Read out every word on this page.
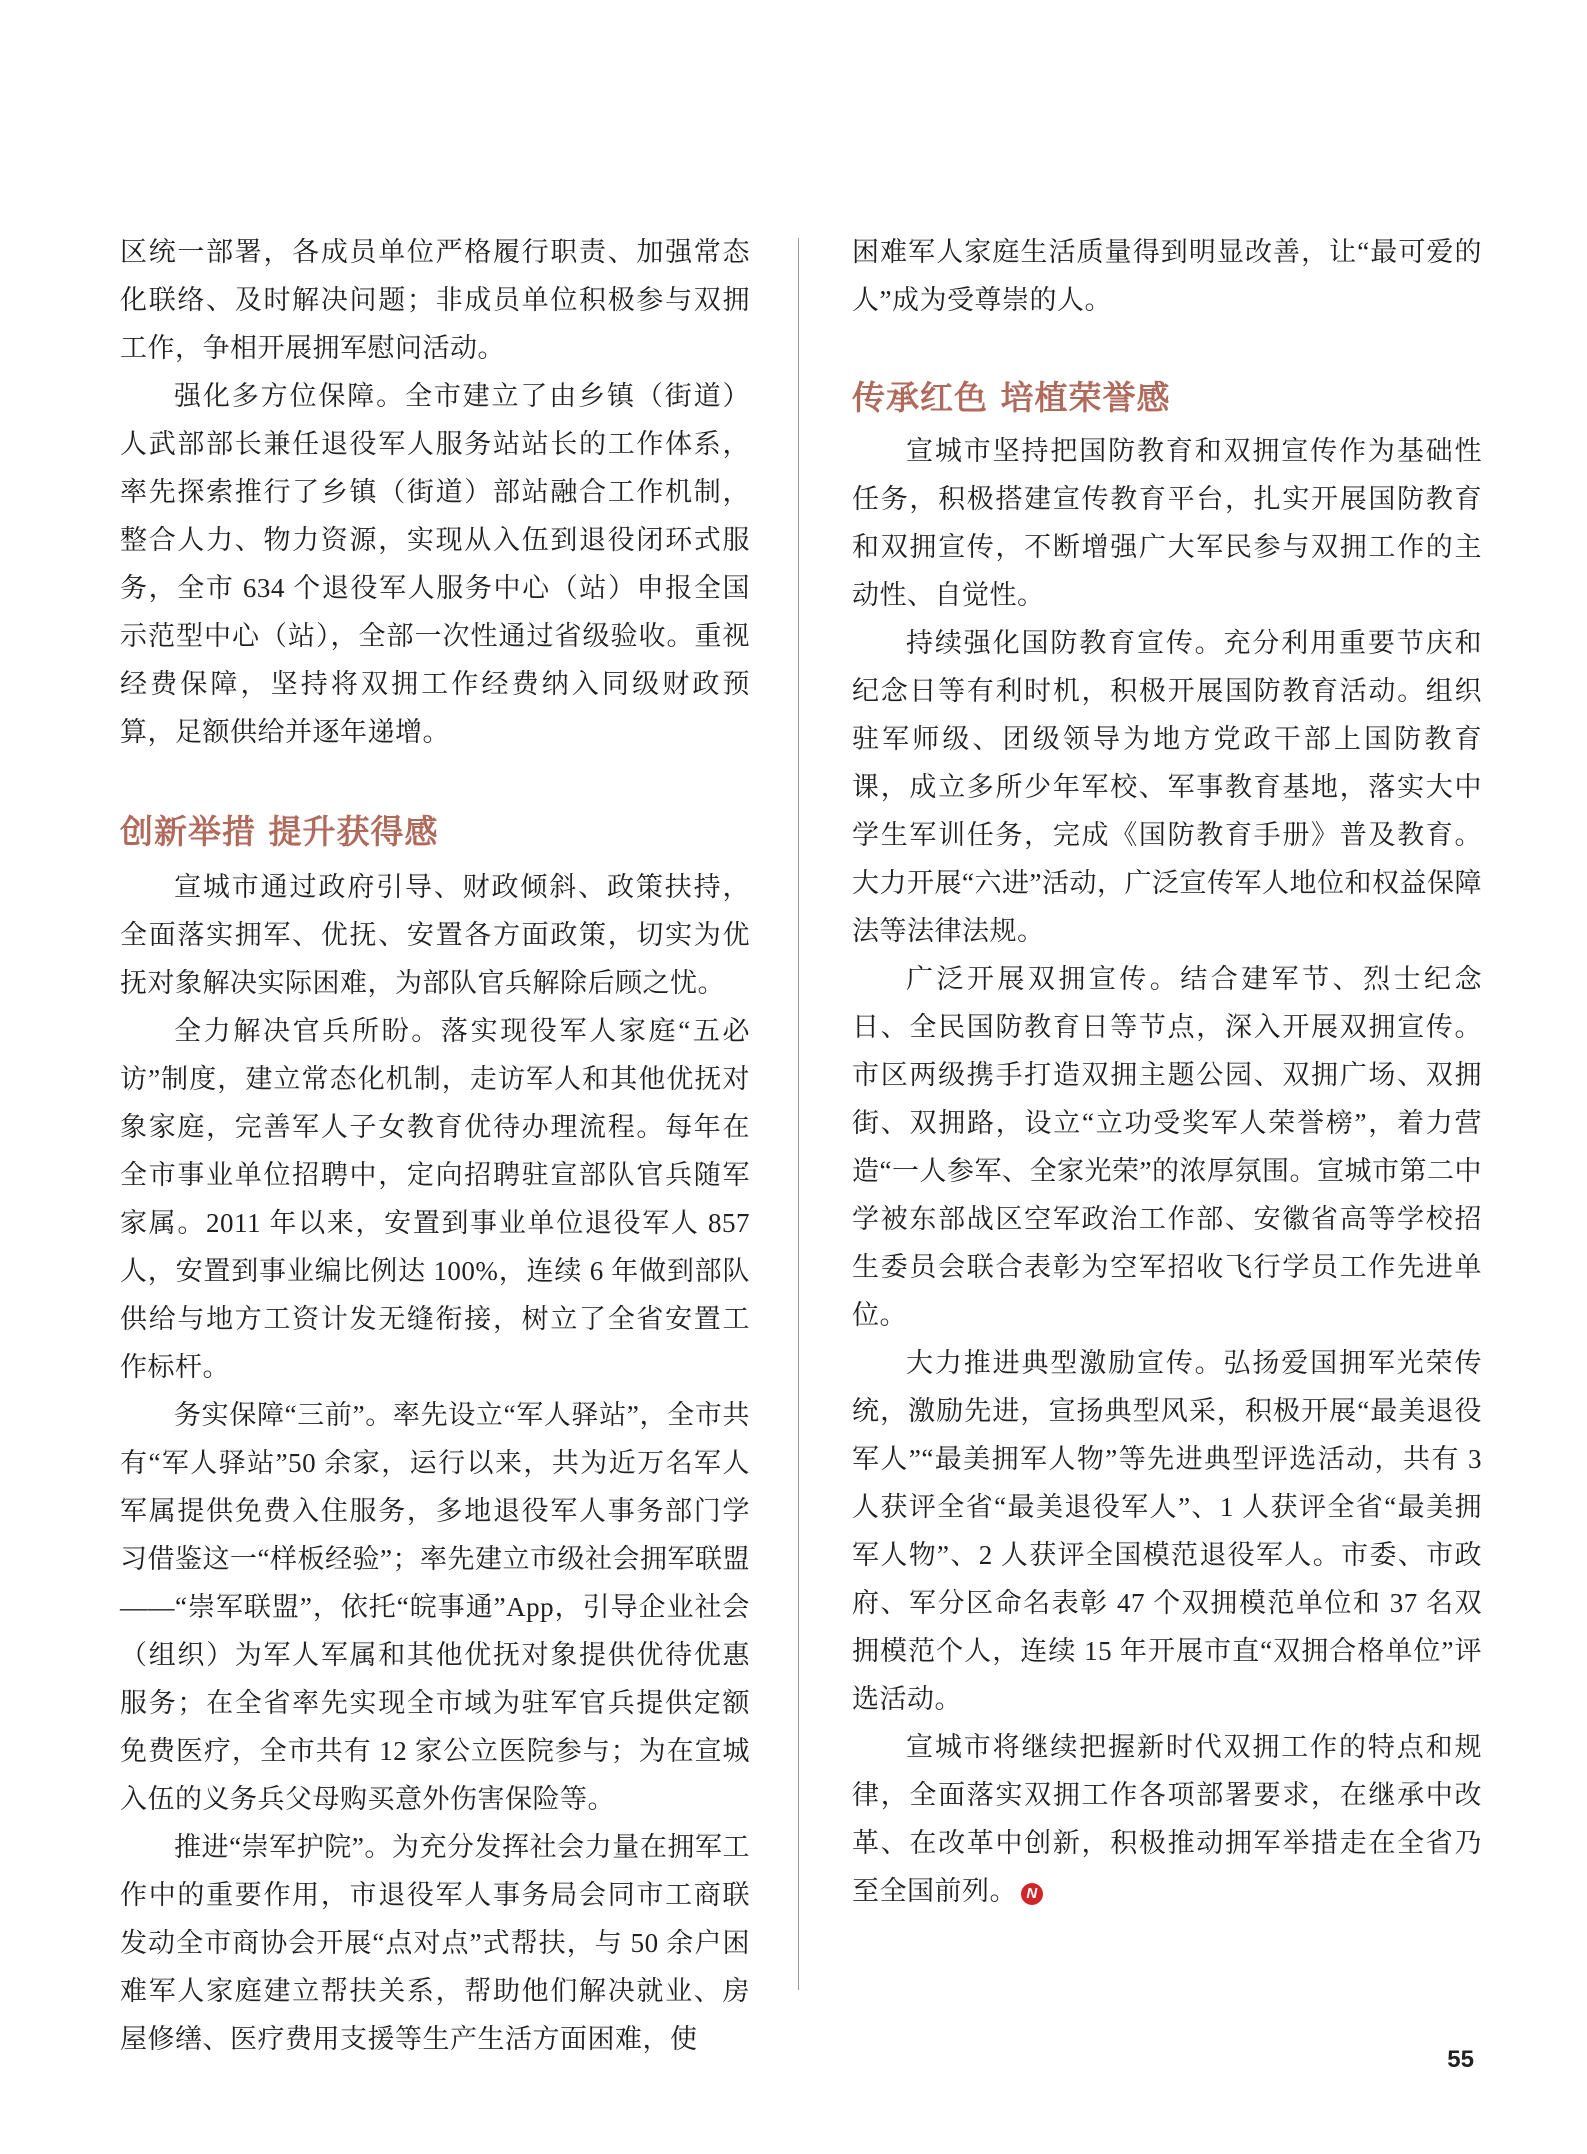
区统一部署，各成员单位严格履行职责、加强常态化联络、及时解决问题；非成员单位积极参与双拥工作，争相开展拥军慰问活动。

强化多方位保障。全市建立了由乡镇（街道）人武部部长兼任退役军人服务站站长的工作体系，率先探索推行了乡镇（街道）部站融合工作机制，整合人力、物力资源，实现从入伍到退役闭环式服务，全市 634 个退役军人服务中心（站）申报全国示范型中心（站），全部一次性通过省级验收。重视经费保障，坚持将双拥工作经费纳入同级财政预算，足额供给并逐年递增。

创新举措 提升获得感

宣城市通过政府引导、财政倾斜、政策扶持，全面落实拥军、优抚、安置各方面政策，切实为优抚对象解决实际困难，为部队官兵解除后顾之忧。

全力解决官兵所盼。落实现役军人家庭“五必访”制度，建立常态化机制，走访军人和其他优抚对象家庭，完善军人子女教育优待办理流程。每年在全市事业单位招聘中，定向招聘驻宣部队官兵随军家属。2011 年以来，安置到事业单位退役军人 857 人，安置到事业编比例达 100%，连续 6 年做到部队供给与地方工资计发无缝衔接，树立了全省安置工作标杆。

务实保障“三前”。率先设立“军人驿站”，全市共有“军人驿站”50 余家，运行以来，共为近万名军人军属提供免费入住服务，多地退役军人事务部门学习借鉴这一“样板经验”；率先建立市级社会拥军联盟——“崇军联盟”，依托“皖事通”App，引导企业社会（组织）为军人军属和其他优抚对象提供优待优惠服务；在全省率先实现全市域为驻军官兵提供定额免费医疗，全市共有 12 家公立医院参与；为在宣城入伍的义务兵父母购买意外伤害保险等。

推进“崇军护院”。为充分发挥社会力量在拥军工作中的重要作用，市退役军人事务局会同市工商联发动全市商协会开展“点对点”式帮扶，与 50 余户困难军人家庭建立帮扶关系，帮助他们解决就业、房屋修缮、医疗费用支援等生产生活方面困难，使

困难军人家庭生活质量得到明显改善，让“最可爱的人”成为受尊崇的人。

传承红色 培植荣誉感

宣城市坚持把国防教育和双拥宣传作为基础性任务，积极搭建宣传教育平台，扎实开展国防教育和双拥宣传，不断增强广大军民参与双拥工作的主动性、自觉性。

持续强化国防教育宣传。充分利用重要节庆和纪念日等有利时机，积极开展国防教育活动。组织驻军师级、团级领导为地方党政干部上国防教育课，成立多所少年军校、军事教育基地，落实大中学生军训任务，完成《国防教育手册》普及教育。大力开展“六进”活动，广泛宣传军人地位和权益保障法等法律法规。

广泛开展双拥宣传。结合建军节、烈士纪念日、全民国防教育日等节点，深入开展双拥宣传。市区两级携手打造双拥主题公园、双拥广场、双拥街、双拥路，设立“立功受奖军人荣誉榜”，着力营造“一人参军、全家光荣”的浓厚氛围。宣城市第二中学被东部战区空军政治工作部、安徽省高等学校招生委员会联合表彰为空军招收飞行学员工作先进单位。

大力推进典型激励宣传。弘扬爱国拥军光荣传统，激励先进，宣扬典型风采，积极开展“最美退役军人”“最美拥军人物”等先进典型评选活动，共有 3 人获评全省“最美退役军人”、1 人获评全省“最美拥军人物”、2 人获评全国模范退役军人。市委、市政府、军分区命名表彰 47 个双拥模范单位和 37 名双拥模范个人，连续 15 年开展市直“双拥合格单位”评选活动。

宣城市将继续把握新时代双拥工作的特点和规律，全面落实双拥工作各项部署要求，在继承中改革、在改革中创新，积极推动拥军举措走在全省乃至全国前列。 N

55
